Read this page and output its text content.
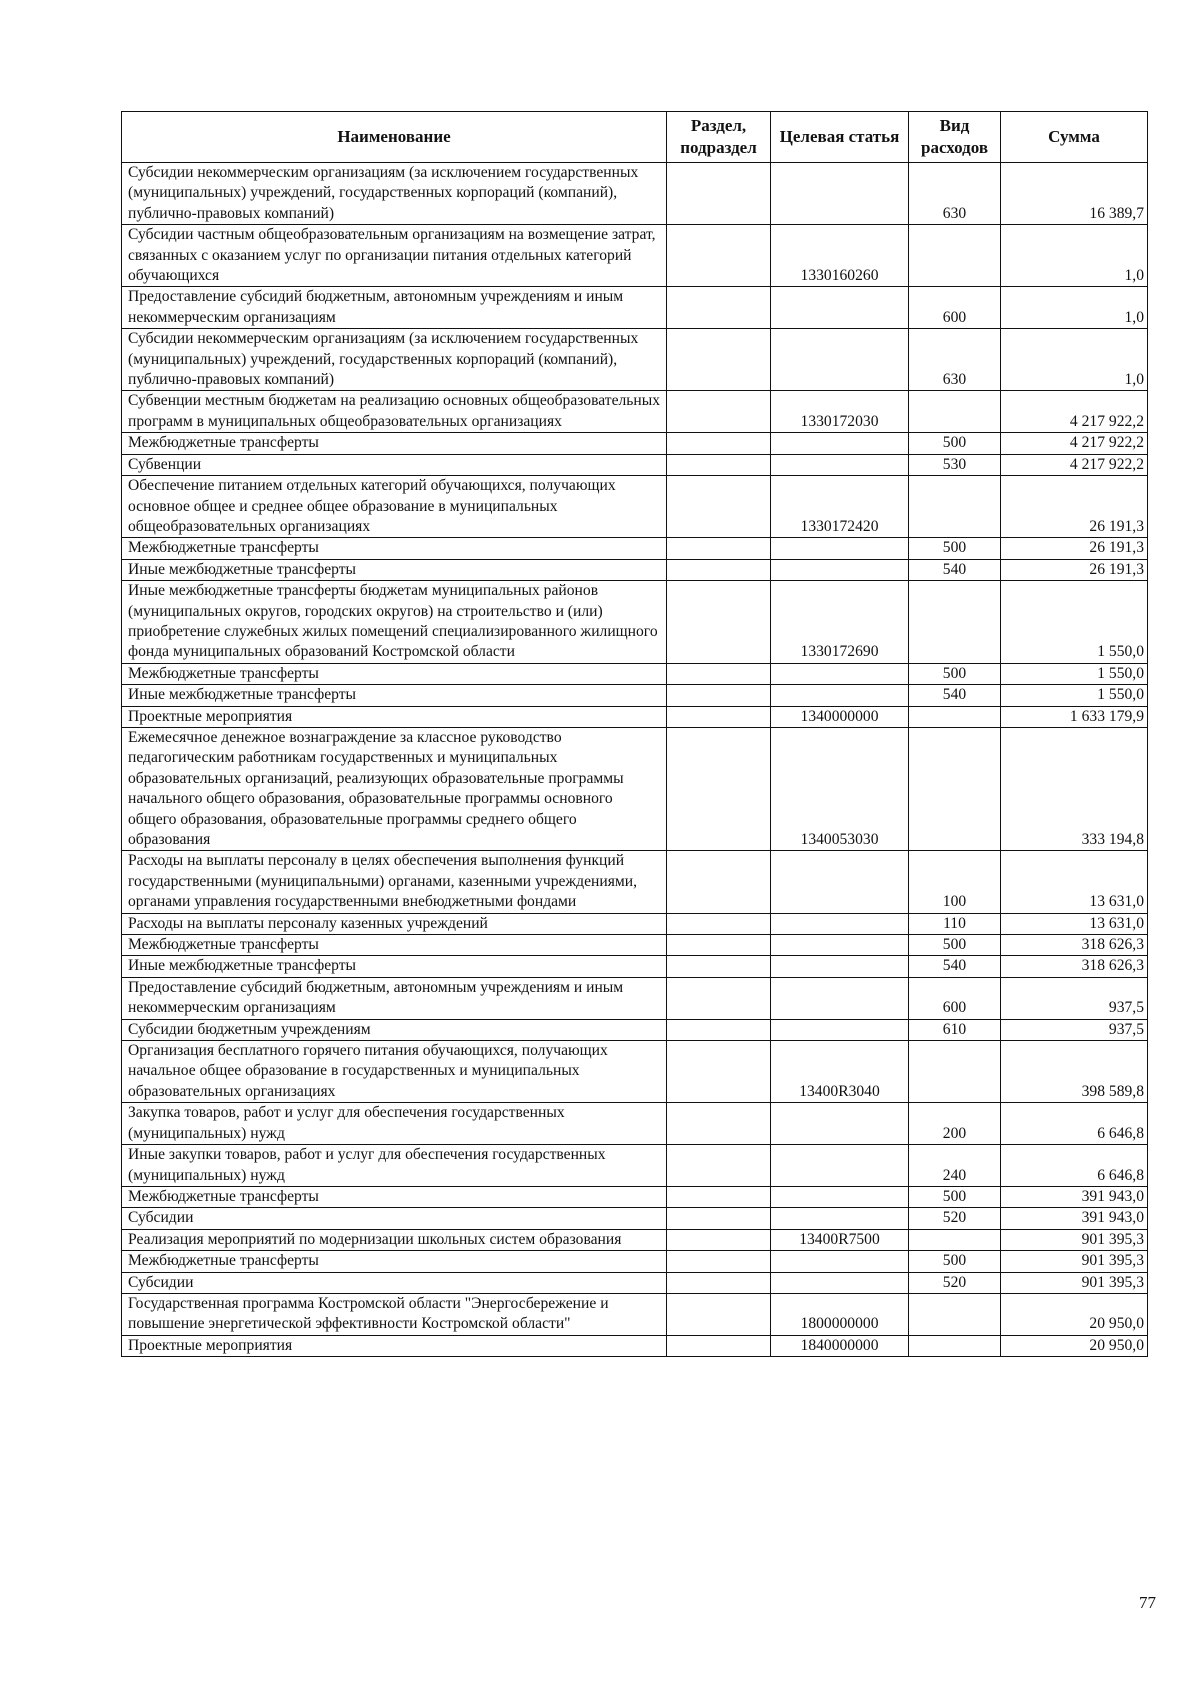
Наименование	Раздел, подраздел	Целевая статья	Вид расходов	Сумма
Субсидии некоммерческим организациям (за исключением государственных (муниципальных) учреждений, государственных корпораций (компаний), публично-правовых компаний)			630	16 389,7
Субсидии частным общеобразовательным организациям на возмещение затрат, связанных с оказанием услуг по организации питания отдельных категорий обучающихся		1330160260		1,0
Предоставление субсидий бюджетным, автономным учреждениям и иным некоммерческим организациям			600	1,0
Субсидии некоммерческим организациям (за исключением государственных (муниципальных) учреждений, государственных корпораций (компаний), публично-правовых компаний)			630	1,0
Субвенции местным бюджетам на реализацию основных общеобразовательных программ в муниципальных общеобразовательных организациях		1330172030		4 217 922,2
Межбюджетные трансферты			500	4 217 922,2
Субвенции			530	4 217 922,2
Обеспечение питанием отдельных категорий обучающихся, получающих основное общее и среднее общее образование в муниципальных общеобразовательных организациях		1330172420		26 191,3
Межбюджетные трансферты			500	26 191,3
Иные межбюджетные трансферты			540	26 191,3
Иные межбюджетные трансферты бюджетам муниципальных районов (муниципальных округов, городских округов) на строительство и (или) приобретение служебных жилых помещений специализированного жилищного фонда муниципальных образований Костромской области		1330172690		1 550,0
Межбюджетные трансферты			500	1 550,0
Иные межбюджетные трансферты			540	1 550,0
Проектные мероприятия		1340000000		1 633 179,9
Ежемесячное денежное вознаграждение за классное руководство педагогическим работникам государственных и муниципальных образовательных организаций, реализующих образовательные программы начального общего образования, образовательные программы основного общего образования, образовательные программы среднего общего образования		1340053030		333 194,8
Расходы на выплаты персоналу в целях обеспечения выполнения функций государственными (муниципальными) органами, казенными учреждениями, органами управления государственными внебюджетными фондами			100	13 631,0
Расходы на выплаты персоналу казенных учреждений			110	13 631,0
Межбюджетные трансферты			500	318 626,3
Иные межбюджетные трансферты			540	318 626,3
Предоставление субсидий бюджетным, автономным учреждениям и иным некоммерческим организациям			600	937,5
Субсидии бюджетным учреждениям			610	937,5
Организация бесплатного горячего питания обучающихся, получающих начальное общее образование в государственных и муниципальных образовательных организациях		13400R3040		398 589,8
Закупка товаров, работ и услуг для обеспечения государственных (муниципальных) нужд			200	6 646,8
Иные закупки товаров, работ и услуг для обеспечения государственных (муниципальных) нужд			240	6 646,8
Межбюджетные трансферты			500	391 943,0
Субсидии			520	391 943,0
Реализация мероприятий по модернизации школьных систем образования		13400R7500		901 395,3
Межбюджетные трансферты			500	901 395,3
Субсидии			520	901 395,3
Государственная программа Костромской области "Энергосбережение и повышение энергетической эффективности Костромской области"		1800000000		20 950,0
Проектные мероприятия		1840000000		20 950,0
77
